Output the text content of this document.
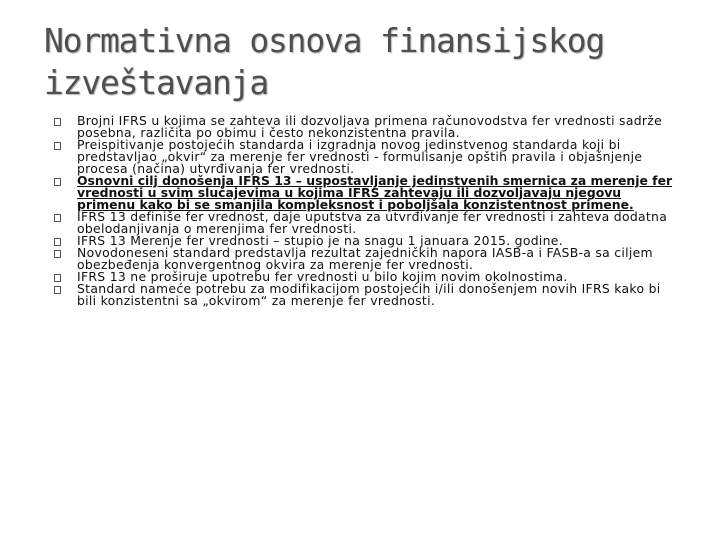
Normativna osnova finansijskog izveštavanja
Brojni IFRS u kojima se zahteva ili dozvoljava primena računovodstva fer vrednosti sadrže posebna, različita po obimu i često nekonzistentna pravila.
Preispitivanje postojećih standarda i izgradnja novog jedinstvenog standarda koji bi predstavljao „okvir“ za merenje fer vrednosti - formulisanje opštih pravila i objašnjenje procesa (načina) utvrđivanja fer vrednosti.
Osnovni cilj donošenja IFRS 13 – uspostavljanje jedinstvenih smernica za merenje fer vrednosti u svim slučajevima u kojima IFRS zahtevaju ili dozvoljavaju njegovu primenu kako bi se smanjila kompleksnost i poboljšala konzistentnost primene.
IFRS 13 definiše fer vrednost, daje uputstva za utvrđivanje fer vrednosti i zahteva dodatna obelodanjivanja o merenjima fer vrednosti.
IFRS 13 Merenje fer vrednosti – stupio je na snagu 1 januara 2015. godine.
Novodoneseni standard predstavlja rezultat zajedničkih napora IASB-a i FASB-a sa ciljem obezbeđenja konvergentnog okvira za merenje fer vrednosti.
IFRS 13 ne proširuje upotrebu fer vrednosti u bilo kojim novim okolnostima.
Standard nameće potrebu za modifikacijom postojećih i/ili donošenjem novih IFRS kako bi bili konzistentni sa „okvirom“ za merenje fer vrednosti.
